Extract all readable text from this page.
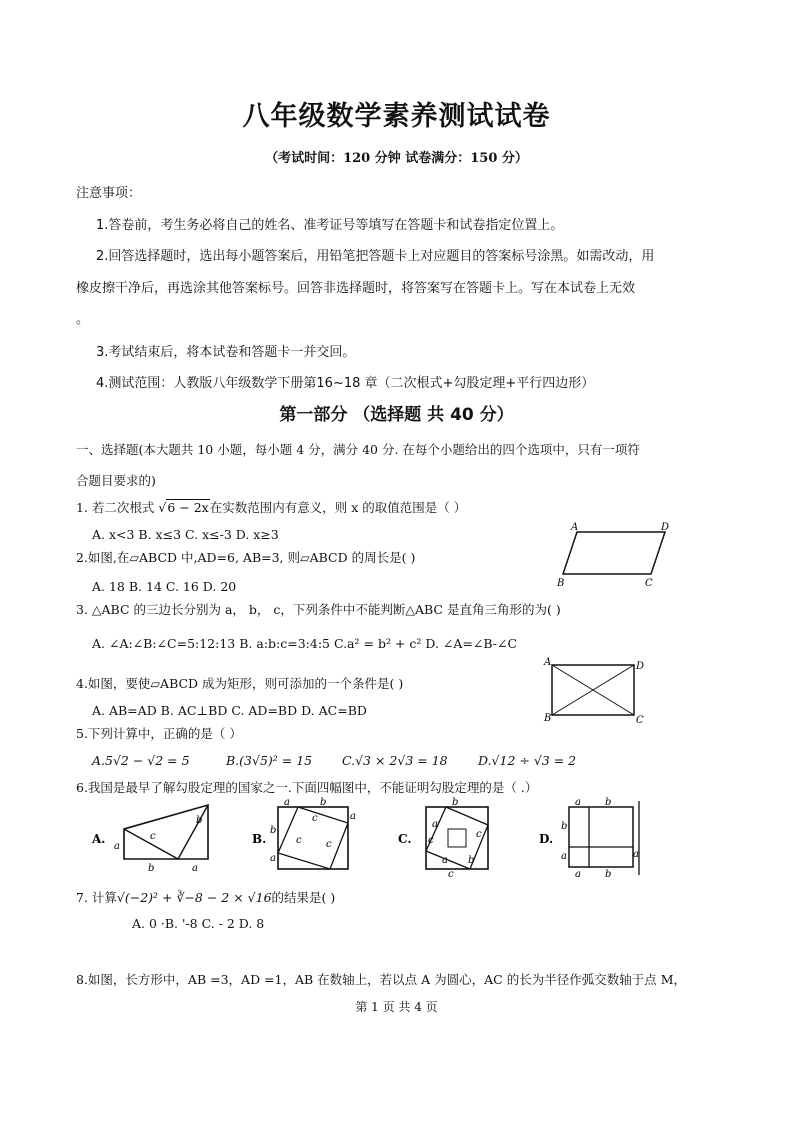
八年级数学素养测试试卷
（考试时间：120 分钟 试卷满分：150 分）
注意事项：
1.答卷前，考生务必将自己的姓名、准考证号等填写在答题卡和试卷指定位置上。
2.回答选择题时，选出每小题答案后，用铅笔把答题卡上对应题目的答案标号涂黑。如需改动，用
橡皮擦干净后，再选涂其他答案标号。回答非选择题时，将答案写在答题卡上。写在本试卷上无效
。
3.考试结束后，将本试卷和答题卡一并交回。
4.测试范围：人教版八年级数学下册第16~18 章（二次根式+勾股定理+平行四边形）
第一部分 （选择题 共 40 分）
一、选择题(本大题共 10 小题，每小题 4 分，满分 40 分. 在每个小题给出的四个选项中，只有一项符
合题目要求的)
1. 若二次根式 √6 − 2x在实数范围内有意义，则 x 的取值范围是（ ）
A. x<3 B. x≤3 C. x≤-3 D. x≥3
2.如图,在▱ABCD 中,AD=6, AB=3, 则▱ABCD 的周长是( )
A. 18 B. 14 C. 16 D. 20
A	D
B	C
3. △ABC 的三边长分别为 a， b， c，下列条件中不能判断△ABC 是直角三角形的为( )
A. ∠A:∠B:∠C=5:12:13 B. a:b:c=3:4:5 C.a² = b² + c² D. ∠A=∠B-∠C
4.如图，要使▱ABCD 成为矩形，则可添加的一个条件是( )
A. AB=AD B. AC⊥BD C. AD=BD D. AC=BD
A	D
B	C
5.下列计算中，正确的是（ ）
A.5√2 − √2 = 5	B.(3√5)² = 15 C.√3 × 2√3 = 18 D.√12 ÷ √3 = 2
6.我国是最早了解勾股定理的国家之一.下面四幅图中，不能证明勾股定理的是（ .）
A.
a
c
b
b	a
B.
a	b
c
c c
b
a
a
C.
b
a
c
c
a b
c
D.
a b
b
a
a b
a
7. 计算√(−2)² + ∛−8 − 2 × √16的结果是( )
A. 0 ·B. '-8 C. - 2 D. 8
8.如图，长方形中，AB =3，AD =1，AB 在数轴上，若以点 A 为圆心，AC 的长为半径作弧交数轴于点 M，
第 1 页 共 4 页
